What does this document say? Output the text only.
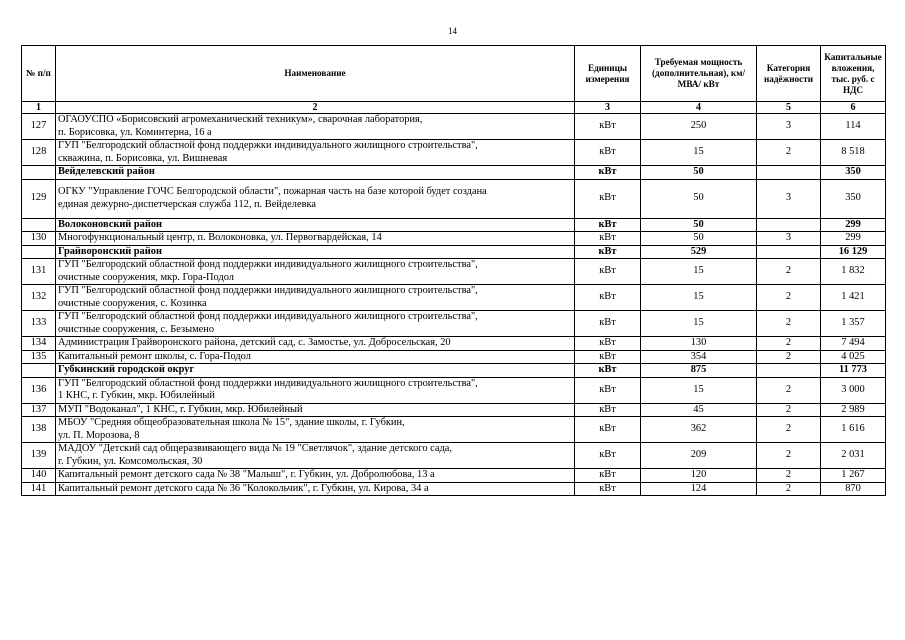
14
№ п/п	Наименование	Единицы измерения	Требуемая мощность (дополнительная), км/ МВА/ кВт	Категория надёжности	Капитальные вложения, тыс. руб. с НДС
1	2	3	4	5	6
127	ОГАОУСПО «Борисовский агромеханический техникум», сварочная лаборатория,
п. Борисовка, ул. Коминтерна, 16 а	кВт	250	3	114
128	ГУП "Белгородский областной фонд поддержки индивидуального жилищного строительства",
скважина, п. Борисовка, ул. Вишневая	кВт	15	2	8 518

	Вейделевский район	кВт	50		350
129	ОГКУ "Управление ГОЧС Белгородской области", пожарная часть на базе которой будет создана
единая дежурно-диспетчерская служба 112, п. Вейделевка	кВт	50	3	350

	Волоконовский район	кВт	50		299
130	Многофункциональный центр, п. Волоконовка, ул. Первогвардейская, 14	кВт	50	3	299

	Грайворонский район	кВт	529		16 129
131	ГУП "Белгородский областной фонд поддержки индивидуального жилищного строительства",
очистные сооружения, мкр. Гора-Подол	кВт	15	2	1 832
132	ГУП "Белгородский областной фонд поддержки индивидуального жилищного строительства",
очистные сооружения, с. Козинка	кВт	15	2	1 421
133	ГУП "Белгородский областной фонд поддержки индивидуального жилищного строительства",
очистные сооружения, с. Безымено	кВт	15	2	1 357
134	Администрация Грайворонского района, детский сад, с. Замостье, ул. Добросельская, 20	кВт	130	2	7 494
135	Капитальный ремонт школы, с. Гора-Подол	кВт	354	2	4 025

	Губкинский городской округ	кВт	875		11 773
136	ГУП "Белгородский областной фонд поддержки индивидуального жилищного строительства",
1 КНС, г. Губкин, мкр. Юбилейный	кВт	15	2	3 000
137	МУП "Водоканал", 1 КНС, г. Губкин, мкр. Юбилейный	кВт	45	2	2 989
138	МБОУ "Средняя общеобразовательная школа № 15", здание школы, г. Губкин,
ул. П. Морозова, 8	кВт	362	2	1 616
139	МАДОУ "Детский сад общеразвивающего вида № 19 "Светлячок", здание детского сада,
г. Губкин, ул. Комсомольская, 30	кВт	209	2	2 031
140	Капитальный ремонт детского сада № 38 "Малыш", г. Губкин, ул. Добролюбова, 13 а	кВт	120	2	1 267
141	Капитальный ремонт детского сада № 36 "Колокольчик", г. Губкин, ул. Кирова, 34 а	кВт	124	2	870
